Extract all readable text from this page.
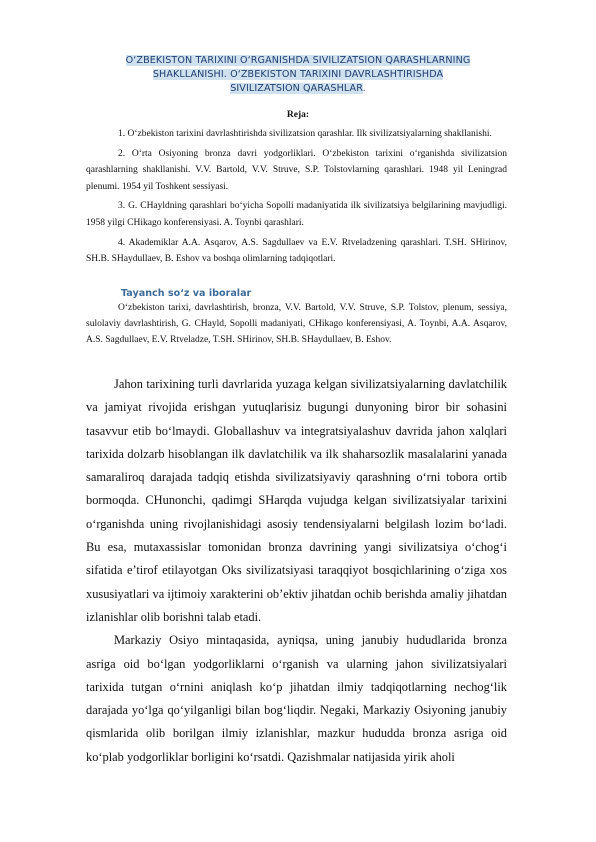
O‘ZBEKISTON TARIXINI O‘RGANISHDA SIVILIZATSION QARASHLARNING SHAKLLANISHI. O‘ZBEKISTON TARIXINI DAVRLASHTIRISHDA SIVILIZATSION QARASHLAR.
Reja:

1. O‘zbekiston tarixini davrlashtirishda sivilizatsion qarashlar. Ilk sivilizatsiyalarning shakllanishi.

2. O‘rta Osiyoning bronza davri yodgorliklari. O‘zbekiston tarixini o‘rganishda sivilizatsion qarashlarning shakllanishi. V.V. Bartold, V.V. Struve, S.P. Tolstovlarning qarashlari. 1948 yil Leningrad plenumi. 1954 yil Toshkent sessiyasi.

3. G. CHayldning qarashlari bo‘yicha Sopolli madaniyatida ilk sivilizatsiya belgilarining mavjudligi. 1958 yilgi CHikago konferensiyasi. A. Toynbi qarashlari.

4. Akademiklar A.A. Asqarov, A.S. Sagdullaev va E.V. Rtveladzening qarashlari. T.SH. SHirinov, SH.B. SHaydullaev, B. Eshov va boshqa olimlarning tadqiqotlari.

Tayanch so‘z va iboralar

O‘zbekiston tarixi, davrlashtirish, bronza, V.V. Bartold, V.V. Struve, S.P. Tolstov, plenum, sessiya, sulolaviy davrlashtirish, G. CHayld, Sopolli madaniyati, CHikago konferensiyasi, A. Toynbi, A.A. Asqarov, A.S. Sagdullaev, E.V. Rtveladze, T.SH. SHirinov, SH.B. SHaydullaev, B. Eshov.

Jahon tarixining turli davrlarida yuzaga kelgan sivilizatsiyalarning davlatchilik va jamiyat rivojida erishgan yutuqlarisiz bugungi dunyoning biror bir sohasini tasavvur etib bo‘lmaydi. Globallashuv va integratsiyalashuv davrida jahon xalqlari tarixida dolzarb hisoblangan ilk davlatchilik va ilk shaharsozlik masalalarini yanada samaraliroq darajada tadqiq etishda sivilizatsiyaviy qarashning o‘rni tobora ortib bormoqda. CHunonchi, qadimgi SHarqda vujudga kelgan sivilizatsiyalar tarixini o‘rganishda uning rivojlanishidagi asosiy tendensiyalarni belgilash lozim bo‘ladi. Bu esa, mutaxassislar tomonidan bronza davrining yangi sivilizatsiya o‘chog‘i sifatida e’tirof etilayotgan Oks sivilizatsiyasi taraqqiyot bosqichlarining o‘ziga xos xususiyatlari va ijtimoiy xarakterini ob’ektiv jihatdan ochib berishda amaliy jihatdan izlanishlar olib borishni talab etadi.

Markaziy Osiyo mintaqasida, ayniqsa, uning janubiy hududlarida bronza asriga oid bo‘lgan yodgorliklarni o‘rganish va ularning jahon sivilizatsiyalari tarixida tutgan o‘rnini aniqlash ko‘p jihatdan ilmiy tadqiqotlarning nechog‘lik darajada yo‘lga qo‘yilganligi bilan bog‘liqdir. Negaki, Markaziy Osiyoning janubiy qismlarida olib borilgan ilmiy izlanishlar, mazkur hududda bronza asriga oid ko‘plab yodgorliklar borligini ko‘rsatdi. Qazishmalar natijasida yirik aholi
